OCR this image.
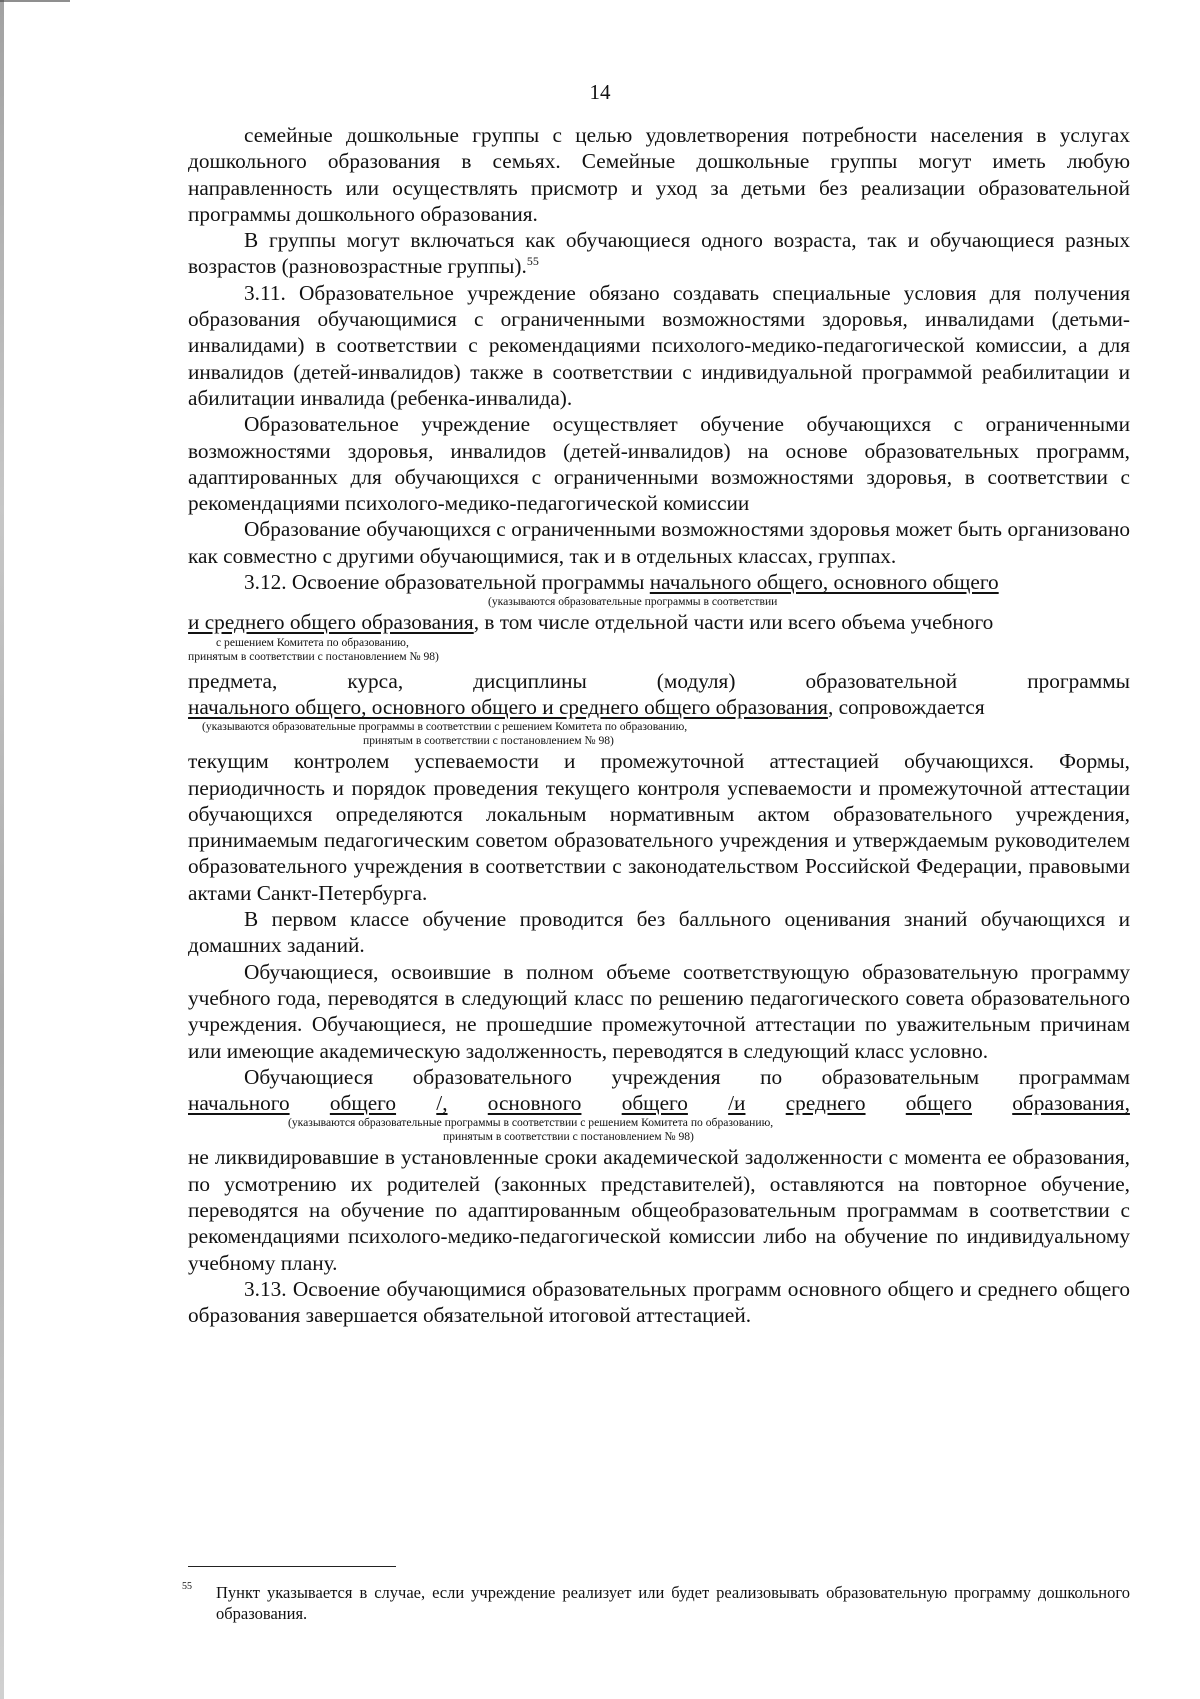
14

семейные дошкольные группы с целью удовлетворения потребности населения в услугах дошкольного образования в семьях. Семейные дошкольные группы могут иметь любую направленность или осуществлять присмотр и уход за детьми без реализации образовательной программы дошкольного образования.

В группы могут включаться как обучающиеся одного возраста, так и обучающиеся разных возрастов (разновозрастные группы).$^{55}$

3.11. Образовательное учреждение обязано создавать специальные условия для получения образования обучающимися с ограниченными возможностями здоровья, инвалидами (детьми-инвалидами) в соответствии с рекомендациями психолого-медико-педагогической комиссии, а для инвалидов (детей-инвалидов) также в соответствии с индивидуальной программой реабилитации и абилитации инвалида (ребенка-инвалида).

Образовательное учреждение осуществляет обучение обучающихся с ограниченными возможностями здоровья, инвалидов (детей-инвалидов) на основе образовательных программ, адаптированных для обучающихся с ограниченными возможностями здоровья, в соответствии с рекомендациями психолого-медико-педагогической комиссии

Образование обучающихся с ограниченными возможностями здоровья может быть организовано как совместно с другими обучающимися, так и в отдельных классах, группах.

3.12. Освоение образовательной программы начального общего, основного общего

(указываются образовательные программы в соответствии

и среднего общего образования, в том числе отдельной части или всего объема учебного

с решением Комитета по образованию,

принятым в соответствии с постановлением № 98)

предмета,	курса,	дисциплины	(модуля)	образовательной	программы

начального общего, основного общего и среднего общего образования, сопровождается

(указываются образовательные программы в соответствии с решением Комитета по образованию,

принятым в соответствии с постановлением № 98)

текущим контролем успеваемости и промежуточной аттестацией обучающихся. Формы, периодичность и порядок проведения текущего контроля успеваемости и промежуточной аттестации обучающихся определяются локальным нормативным актом образовательного учреждения, принимаемым педагогическим советом образовательного учреждения и утверждаемым руководителем образовательного учреждения в соответствии с законодательством Российской Федерации, правовыми актами Санкт-Петербурга.

В первом классе обучение проводится без балльного оценивания знаний обучающихся и домашних заданий.

Обучающиеся, освоившие в полном объеме соответствующую образовательную программу учебного года, переводятся в следующий класс по решению педагогического совета образовательного учреждения. Обучающиеся, не прошедшие промежуточной аттестации по уважительным причинам или имеющие академическую задолженность, переводятся в следующий класс условно.

Обучающиеся образовательного учреждения по образовательным программам

начального общего /, основного общего /и среднего общего образования,

(указываются образовательные программы в соответствии с решением Комитета по образованию,

принятым в соответствии с постановлением № 98)

не ликвидировавшие в установленные сроки академической задолженности с момента ее образования, по усмотрению их родителей (законных представителей), оставляются на повторное обучение, переводятся на обучение по адаптированным общеобразовательным программам в соответствии с рекомендациями психолого-медико-педагогической комиссии либо на обучение по индивидуальному учебному плану.

3.13. Освоение обучающимися образовательных программ основного общего и среднего общего образования завершается обязательной итоговой аттестацией.

55	Пункт указывается в случае, если учреждение реализует или будет реализовывать образовательную программу дошкольного образования.
